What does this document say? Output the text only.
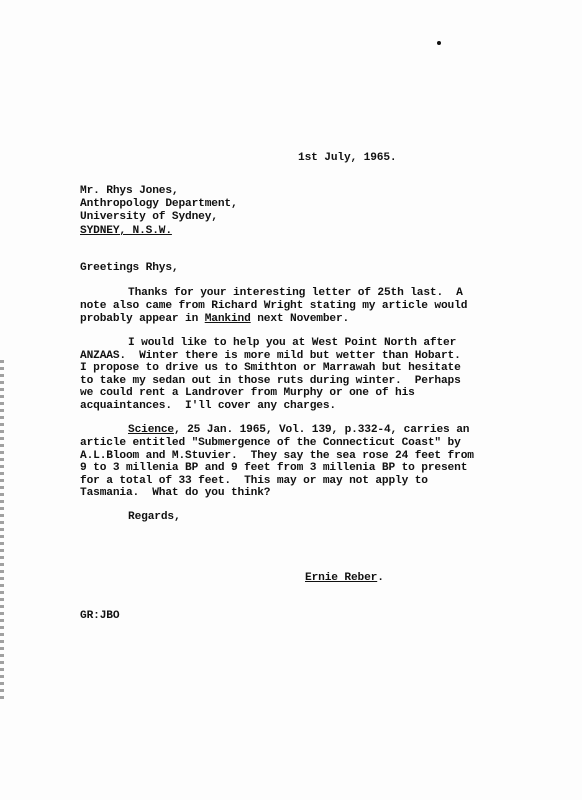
1st July, 1965.
Mr. Rhys Jones,
Anthropology Department,
University of Sydney,
SYDNEY, N.S.W.
Greetings Rhys,
Thanks for your interesting letter of 25th last.  A
note also came from Richard Wright stating my article would
probably appear in Mankind next November.
I would like to help you at West Point North after
ANZAAS.  Winter there is more mild but wetter than Hobart.
I propose to drive us to Smithton or Marrawah but hesitate
to take my sedan out in those ruts during winter.  Perhaps
we could rent a Landrover from Murphy or one of his
acquaintances.  I'll cover any charges.
Science, 25 Jan. 1965, Vol. 139, p.332-4, carries an
article entitled "Submergence of the Connecticut Coast" by
A.L.Bloom and M.Stuvier.  They say the sea rose 24 feet from
9 to 3 millenia BP and 9 feet from 3 millenia BP to present
for a total of 33 feet.  This may or may not apply to
Tasmania.  What do you think?
Regards,
Ernie Reber.
GR:JBO
